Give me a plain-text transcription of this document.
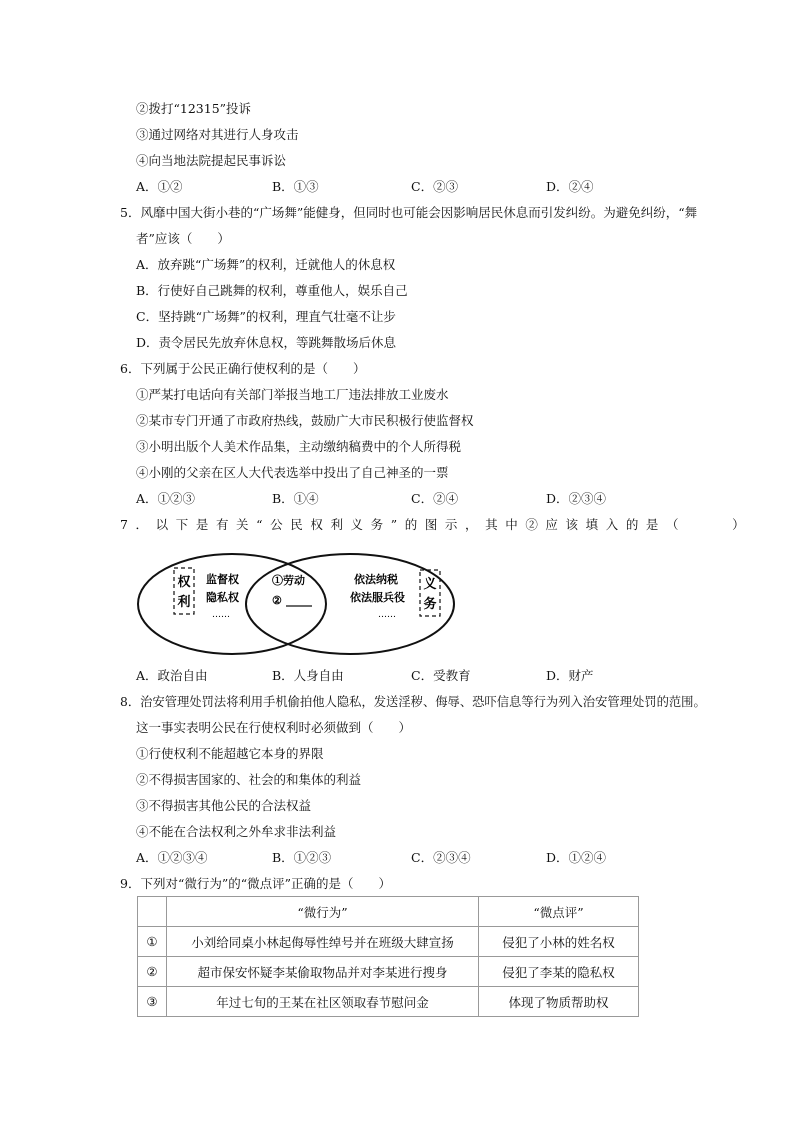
②拨打“12315”投诉
③通过网络对其进行人身攻击
④向当地法院提起民事诉讼
A．①②	B．①③	C．②③	D．②④
5．风靡中国大街小巷的“广场舞”能健身，但同时也可能会因影响居民休息而引发纠纷。为避免纠纷，“舞
者”应该（　　）
A．放弃跳“广场舞”的权利，迁就他人的休息权
B．行使好自己跳舞的权利，尊重他人，娱乐自己
C．坚持跳“广场舞”的权利，理直气壮毫不让步
D．责令居民先放弃休息权，等跳舞散场后休息
6．下列属于公民正确行使权利的是（　　）
①严某打电话向有关部门举报当地工厂违法排放工业废水
②某市专门开通了市政府热线，鼓励广大市民积极行使监督权
③小明出版个人美术作品集，主动缴纳稿费中的个人所得税
④小刚的父亲在区人大代表选举中投出了自己神圣的一票
A．①②③	B．①④	C．②④	D．②③④
7．以下是有关“公民权利义务”的图示，其中②应该填入的是（	）
权
利
监督权
隐私权
……
①劳动
②
依法纳税
依法服兵役
……
义
务
A．政治自由	B．人身自由	C．受教育	D．财产
8．治安管理处罚法将利用手机偷拍他人隐私，发送淫秽、侮辱、恐吓信息等行为列入治安管理处罚的范围。
这一事实表明公民在行使权利时必须做到（　　）
①行使权利不能超越它本身的界限
②不得损害国家的、社会的和集体的利益
③不得损害其他公民的合法权益
④不能在合法权利之外牟求非法利益
A．①②③④	B．①②③	C．②③④	D．①②④
9．下列对“微行为”的“微点评”正确的是（　　）
	“微行为”	“微点评”
①	小刘给同桌小林起侮辱性绰号并在班级大肆宣扬	侵犯了小林的姓名权
②	超市保安怀疑李某偷取物品并对李某进行搜身	侵犯了李某的隐私权
③	年过七旬的王某在社区领取春节慰问金	体现了物质帮助权
